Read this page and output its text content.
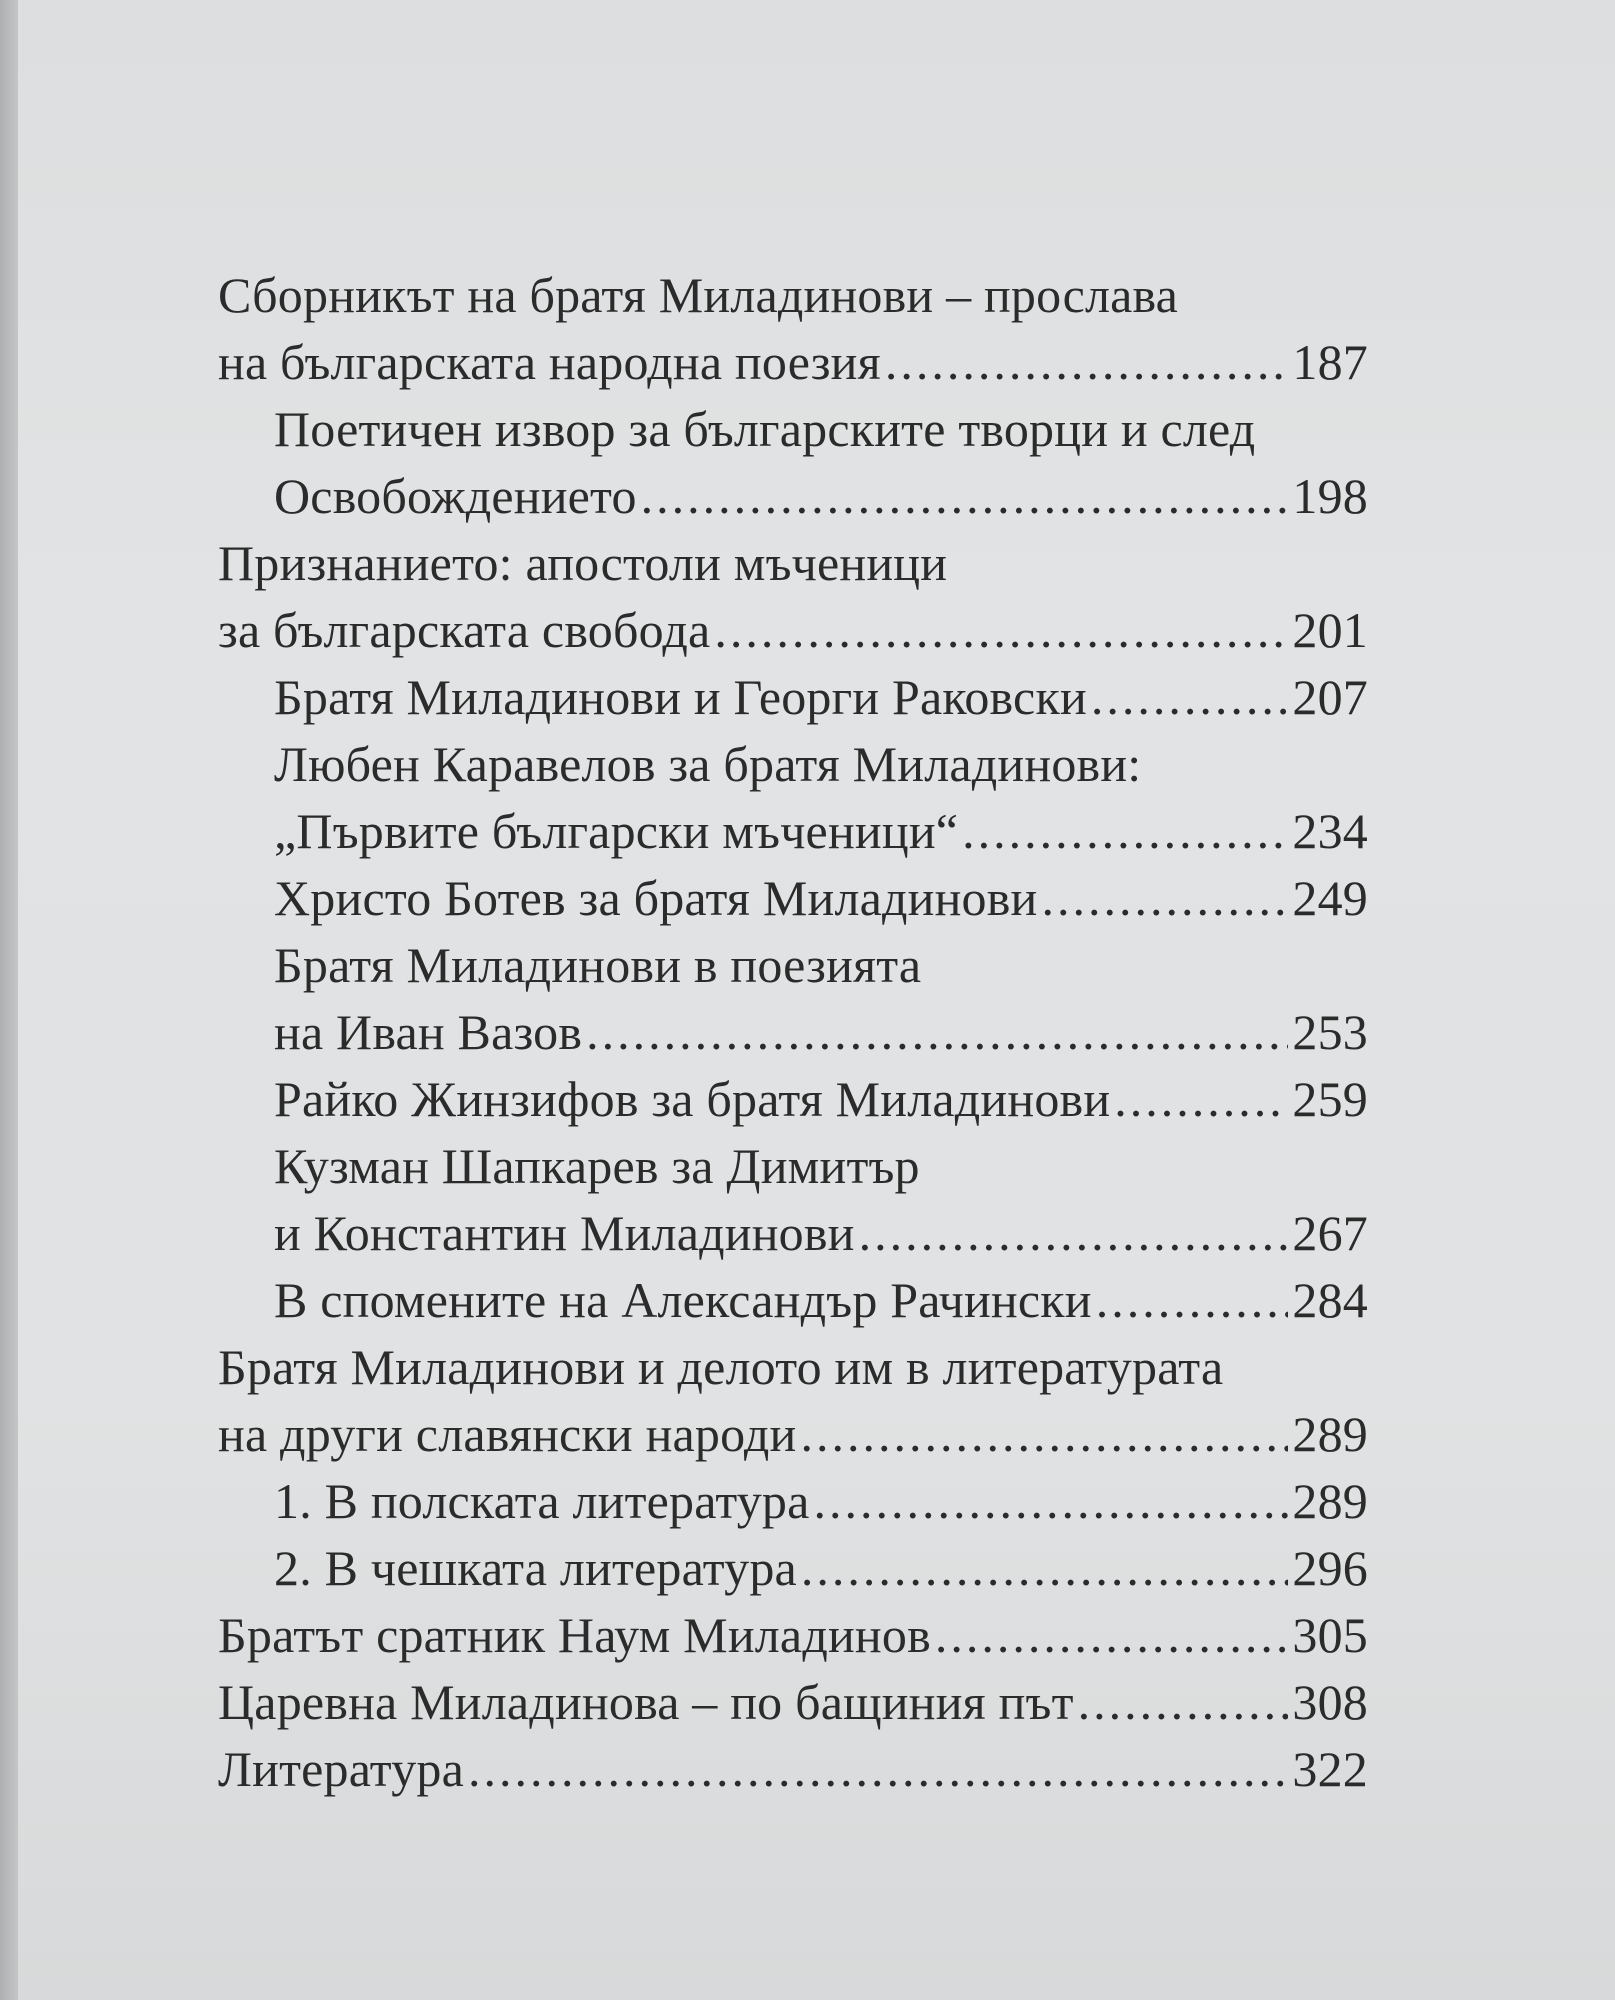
Сборникът на братя Миладинови – прослава
на българската народна поезия .....	187
Поетичен извор за българските творци и след
Освобождението .....	198
Признанието: апостоли мъченици
за българската свобода .....	201
Братя Миладинови и Георги Раковски .....	207
Любен Каравелов за братя Миладинови:
„Първите български мъченици“ .....	234
Христо Ботев за братя Миладинови .....	249
Братя Миладинови в поезията
на Иван Вазов .....	253
Райко Жинзифов за братя Миладинови .....	259
Кузман Шапкарев за Димитър
и Константин Миладинови .....	267
В спомените на Александър Рачински .....	284
Братя Миладинови и делото им в литературата
на други славянски народи .....	289
1. В полската литература .....	289
2. В чешката литература .....	296
Братът сратник Наум Миладинов .....	305
Царевна Миладинова – по бащиния път .....	308
Литература .....	322
